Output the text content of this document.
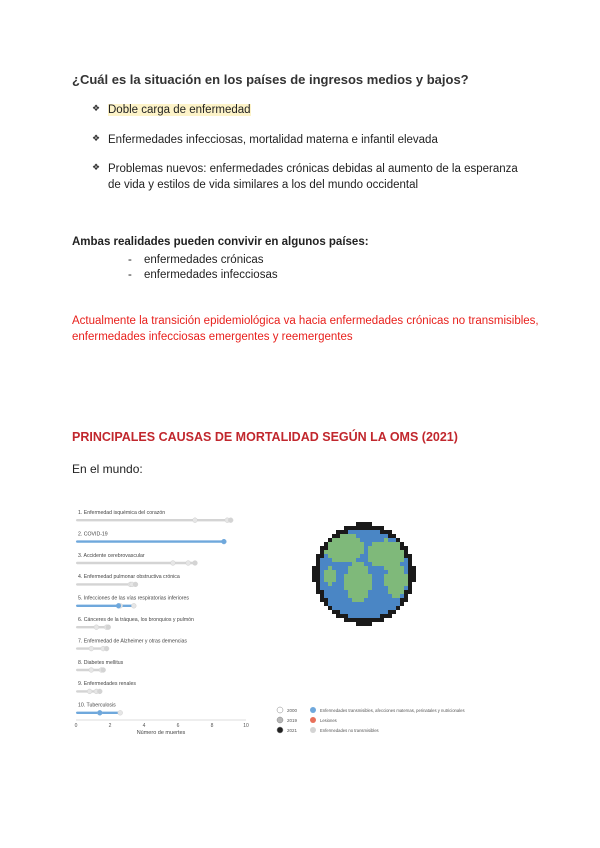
¿Cuál es la situación en los países de ingresos medios y bajos?
❖ Doble carga de enfermedad
❖ Enfermedades infecciosas, mortalidad materna e infantil elevada
❖ Problemas nuevos: enfermedades crónicas debidas al aumento de la esperanza de vida y estilos de vida similares a los del mundo occidental
Ambas realidades pueden convivir en algunos países:
-	enfermedades crónicas
-	enfermedades infecciosas
Actualmente la transición epidemiológica va hacia enfermedades crónicas no transmisibles, enfermedades infecciosas emergentes y reemergentes
PRINCIPALES CAUSAS DE MORTALIDAD SEGÚN LA OMS (2021)
En el mundo:
1. Enfermedad isquémica del corazón
2. COVID-19
3. Accidente cerebrovascular
4. Enfermedad pulmonar obstructiva crónica
5. Infecciones de las vías respiratorias inferiores
6. Cánceres de la tráquea, los bronquios y pulmón
7. Enfermedad de Alzheimer y otras demencias
8. Diabetes mellitus
9. Enfermedades renales
10. Tuberculosis
0	2	4	6	8	10
Número de muertes
2000
2019
2021
Enfermedades transmisibles, afecciones maternas, perinatales y nutricionales
Lesiones
Enfermedades no transmisibles
